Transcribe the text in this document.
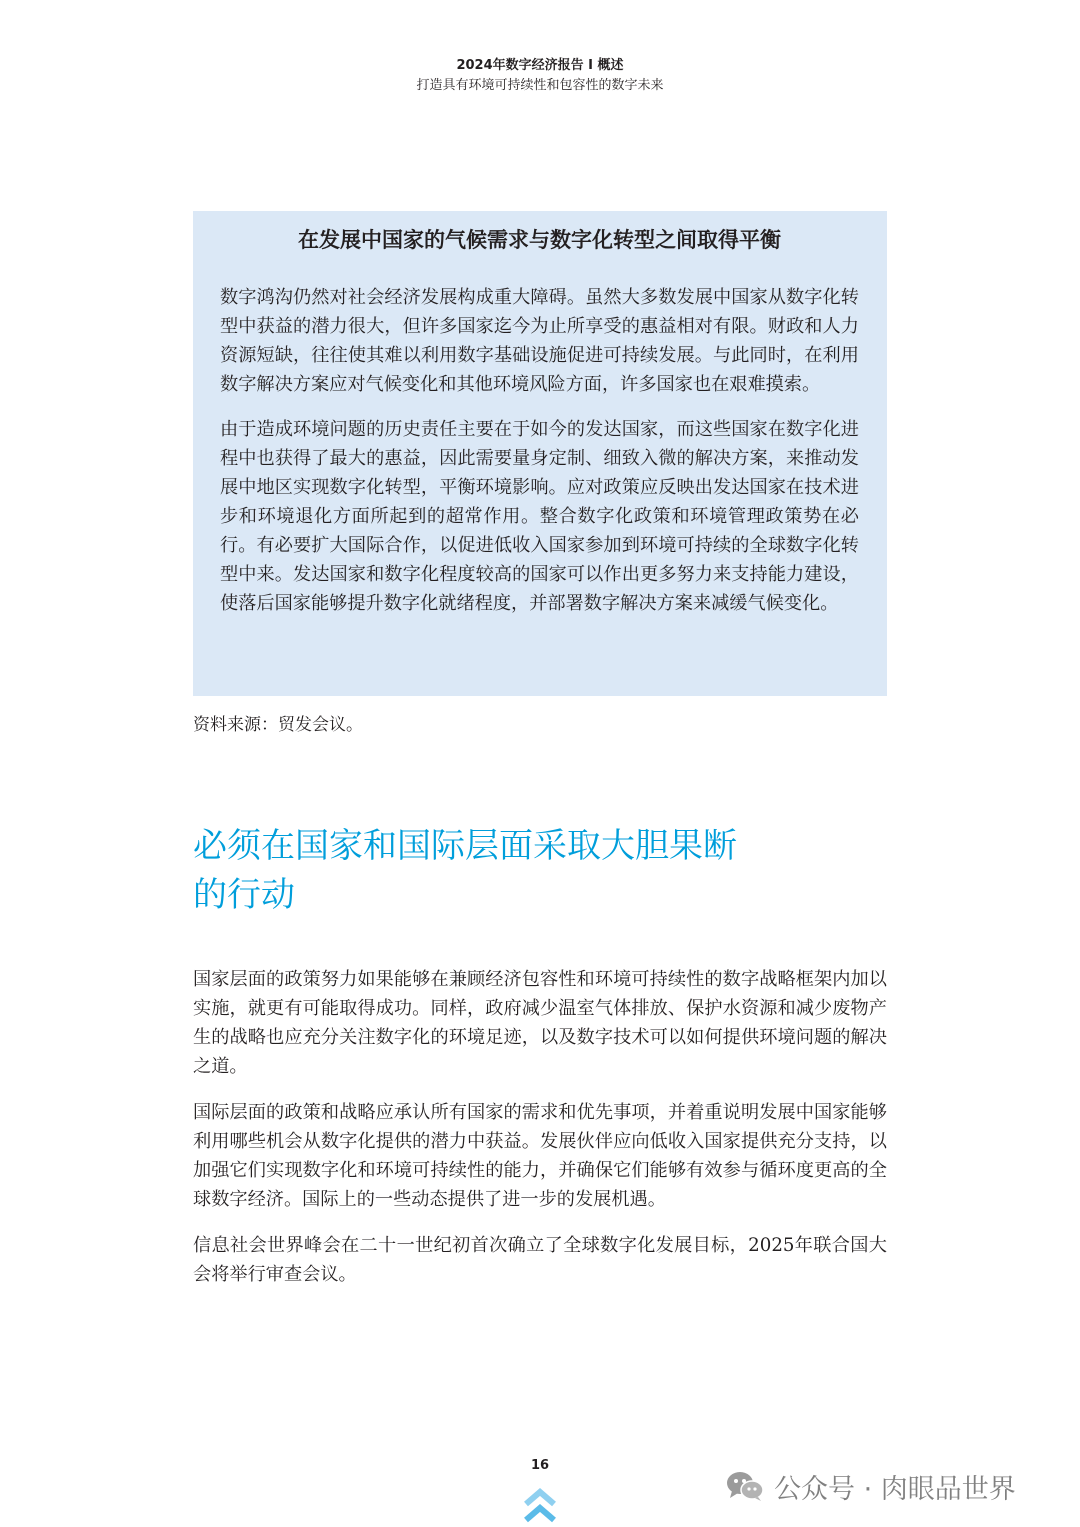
2024年数字经济报告 I 概述
打造具有环境可持续性和包容性的数字未来
在发展中国家的气候需求与数字化转型之间取得平衡

数字鸿沟仍然对社会经济发展构成重大障碍。虽然大多数发展中国家从数字化转型中获益的潜力很大，但许多国家迄今为止所享受的惠益相对有限。财政和人力资源短缺，往往使其难以利用数字基础设施促进可持续发展。与此同时，在利用数字解决方案应对气候变化和其他环境风险方面，许多国家也在艰难摸索。

由于造成环境问题的历史责任主要在于如今的发达国家，而这些国家在数字化进程中也获得了最大的惠益，因此需要量身定制、细致入微的解决方案，来推动发展中地区实现数字化转型，平衡环境影响。应对政策应反映出发达国家在技术进步和环境退化方面所起到的超常作用。整合数字化政策和环境管理政策势在必行。有必要扩大国际合作，以促进低收入国家参加到环境可持续的全球数字化转型中来。发达国家和数字化程度较高的国家可以作出更多努力来支持能力建设，使落后国家能够提升数字化就绪程度，并部署数字解决方案来减缓气候变化。

资料来源：贸发会议。
必须在国家和国际层面采取大胆果断
的行动

国家层面的政策努力如果能够在兼顾经济包容性和环境可持续性的数字战略框架内加以实施，就更有可能取得成功。同样，政府减少温室气体排放、保护水资源和减少废物产生的战略也应充分关注数字化的环境足迹，以及数字技术可以如何提供环境问题的解决之道。

国际层面的政策和战略应承认所有国家的需求和优先事项，并着重说明发展中国家能够利用哪些机会从数字化提供的潜力中获益。发展伙伴应向低收入国家提供充分支持，以加强它们实现数字化和环境可持续性的能力，并确保它们能够有效参与循环度更高的全球数字经济。国际上的一些动态提供了进一步的发展机遇。

信息社会世界峰会在二十一世纪初首次确立了全球数字化发展目标，2025年联合国大会将举行审查会议。

16
公众号 · 肉眼品世界
